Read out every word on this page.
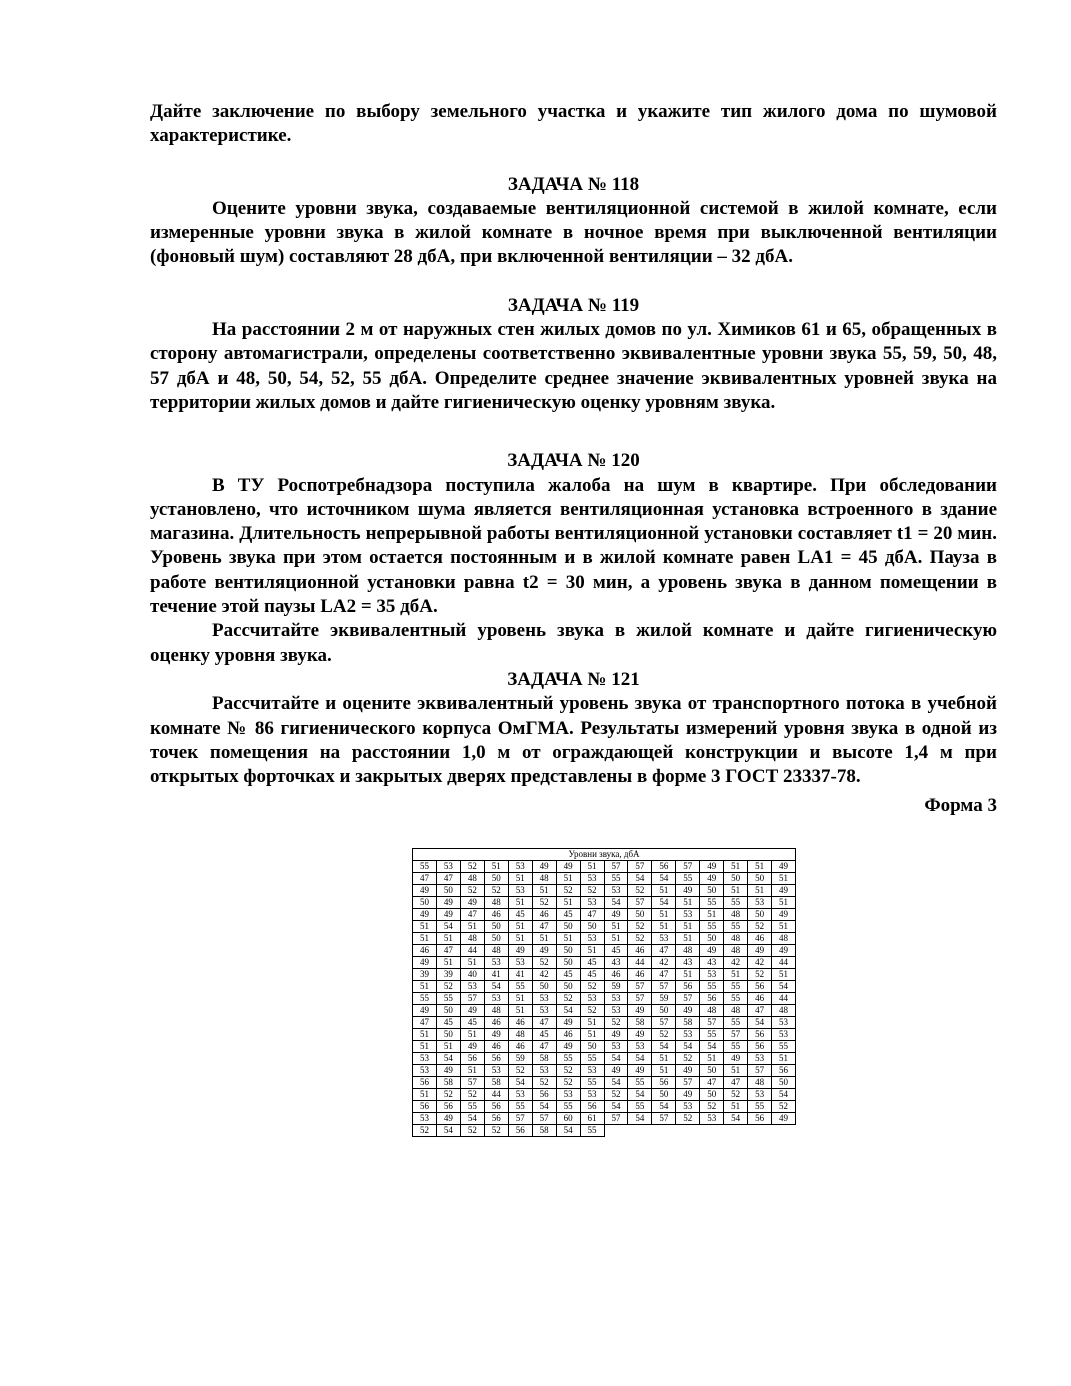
Дайте заключение по выбору земельного участка и укажите тип жилого дома по шумовой характеристике.

ЗАДАЧА № 118

Оцените уровни звука, создаваемые вентиляционной системой в жилой комнате, если измеренные уровни звука в жилой комнате в ночное время при выключенной вентиляции (фоновый шум) составляют 28 дбА, при включенной вентиляции – 32 дбА.

ЗАДАЧА № 119

На расстоянии 2 м от наружных стен жилых домов по ул. Химиков 61 и 65, обращенных в сторону автомагистрали, определены соответственно эквивалентные уровни звука 55, 59, 50, 48, 57 дбА и 48, 50, 54, 52, 55 дбА. Определите среднее значение эквивалентных уровней звука на территории жилых домов и дайте гигиеническую оценку уровням звука.

ЗАДАЧА № 120

В ТУ Роспотребнадзора поступила жалоба на шум в квартире. При обследовании установлено, что источником шума является вентиляционная установка встроенного в здание магазина. Длительность непрерывной работы вентиляционной установки составляет t1 = 20 мин. Уровень звука при этом остается постоянным и в жилой комнате равен LA1 = 45 дбА. Пауза в работе вентиляционной установки равна t2 = 30 мин, а уровень звука в данном помещении в течение этой паузы LA2 = 35 дбА.

Рассчитайте эквивалентный уровень звука в жилой комнате и дайте гигиеническую оценку уровня звука.

ЗАДАЧА № 121

Рассчитайте и оцените эквивалентный уровень звука от транспортного потока в учебной комнате № 86 гигиенического корпуса ОмГМА. Результаты измерений уровня звука в одной из точек помещения на расстоянии 1,0 м от ограждающей конструкции и высоте 1,4 м при открытых форточках и закрытых дверях представлены в форме 3 ГОСТ 23337-78.

Форма 3

Уровни звука, дбА															
55	53	52	51	53	49	49	51	57	57	56	57	49	51	51	49
47	47	48	50	51	48	51	53	55	54	54	55	49	50	50	51
49	50	52	52	53	51	52	52	53	52	51	49	50	51	51	49
50	49	49	48	51	52	51	53	54	57	54	51	55	55	53	51
49	49	47	46	45	46	45	47	49	50	51	53	51	48	50	49
51	54	51	50	51	47	50	50	51	52	51	51	55	55	52	51
51	51	48	50	51	51	51	53	51	52	53	51	50	48	46	48
46	47	44	48	49	49	50	51	45	46	47	48	49	48	49	49
49	51	51	53	53	52	50	45	43	44	42	43	43	42	42	44
39	39	40	41	41	42	45	45	46	46	47	51	53	51	52	51
51	52	53	54	55	50	50	52	59	57	57	56	55	55	56	54
55	55	57	53	51	53	52	53	53	57	59	57	56	55	46	44
49	50	49	48	51	53	54	52	53	49	50	49	48	48	47	48
47	45	45	46	46	47	49	51	52	58	57	58	57	55	54	53
51	50	51	49	48	45	46	51	49	49	52	53	55	57	56	53
51	51	49	46	46	47	49	50	53	53	54	54	54	55	56	55
53	54	56	56	59	58	55	55	54	54	51	52	51	49	53	51
53	49	51	53	52	53	52	53	49	49	51	49	50	51	57	56
56	58	57	58	54	52	52	55	54	55	56	57	47	47	48	50
51	52	52	44	53	56	53	53	52	54	50	49	50	52	53	54
56	56	55	56	55	54	55	56	54	55	54	53	52	51	55	52
53	49	54	56	57	57	60	61	57	54	57	52	53	54	56	49
52	54	52	52	56	58	54	55								
